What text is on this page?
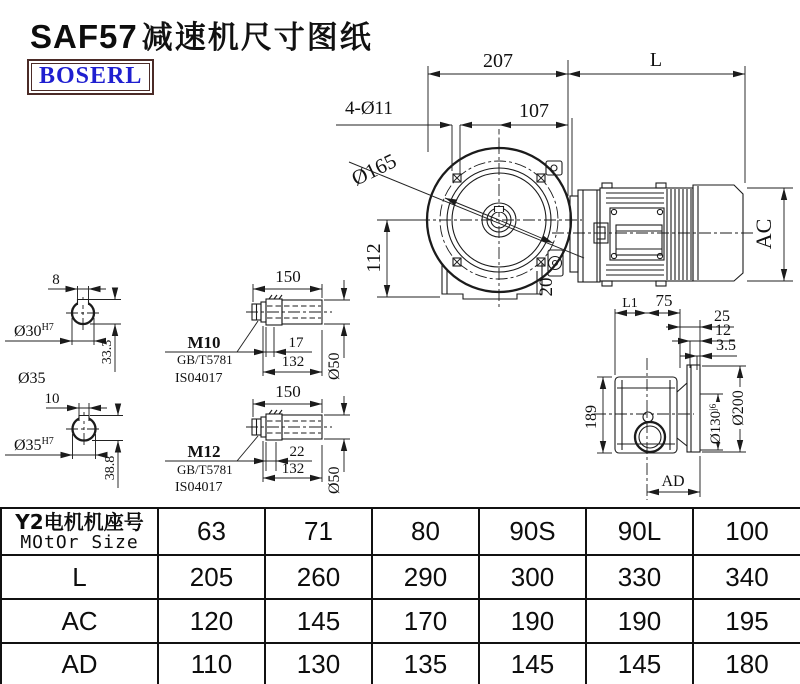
SAF57 减速机尺寸图纸
BOSERL
207	L
4-Ø11	107
Ø165
112
AC
20
8
$Ø30^{H7}$
33.3
Ø35
10
$Ø35^{H7}$
38.8
150
M10	17
GB/T5781
IS04017
132 Ø50
150
M12	22
GB/T5781
IS04017
132 Ø50
L1 75
25
12
3.5
189	$Ø130^{j6}$ Ø200
AD
Y2电机机座号
MOtOr Size	63	71	80	90S	90L	100
L	205	260	290	300	330	340
AC	120	145	170	190	190	195
AD	110	130	135	145	145	180
